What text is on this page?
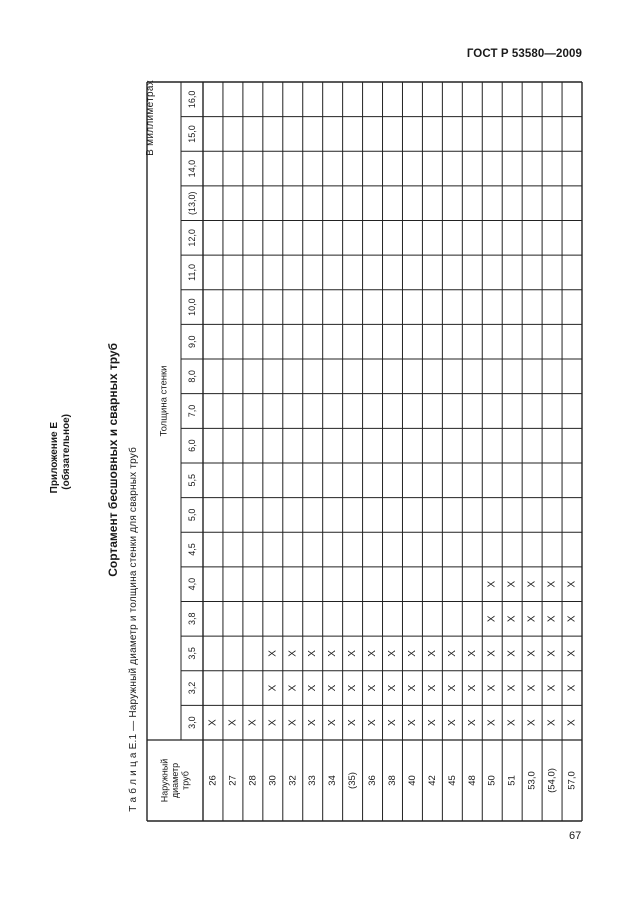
ГОСТ Р 53580—2009
Приложение Е (обязательное)	Сортамент бесшовных и сварных труб Т а б л и ц а Е.1 — Наружный диаметр и толщина стенки для сварных труб
В миллиметрах
Толщина стенки
Наружный диаметр труб
3,0
3,2
3,5
3,8
4,0
4,5
5,0
5,5
6,0
7,0
8,0
9,0
10,0
11,0
12,0
(13,0)
14,0
15,0
16,0
26
X
27
X
28
X
30
X
X
X
32
X
X
X
33
X
X
X
34
X
X
X
(35)
X
X
X
36
X
X
X
38
X
X
X
40
X
X
X
42
X
X
X
45
X
X
X
48
X
X
X
50
X
X
X
X
X
51
X
X
X
X
X
53,0
X
X
X
X
X
(54,0)
X
X
X
X
X
57,0
X
X
X
X
X
67
